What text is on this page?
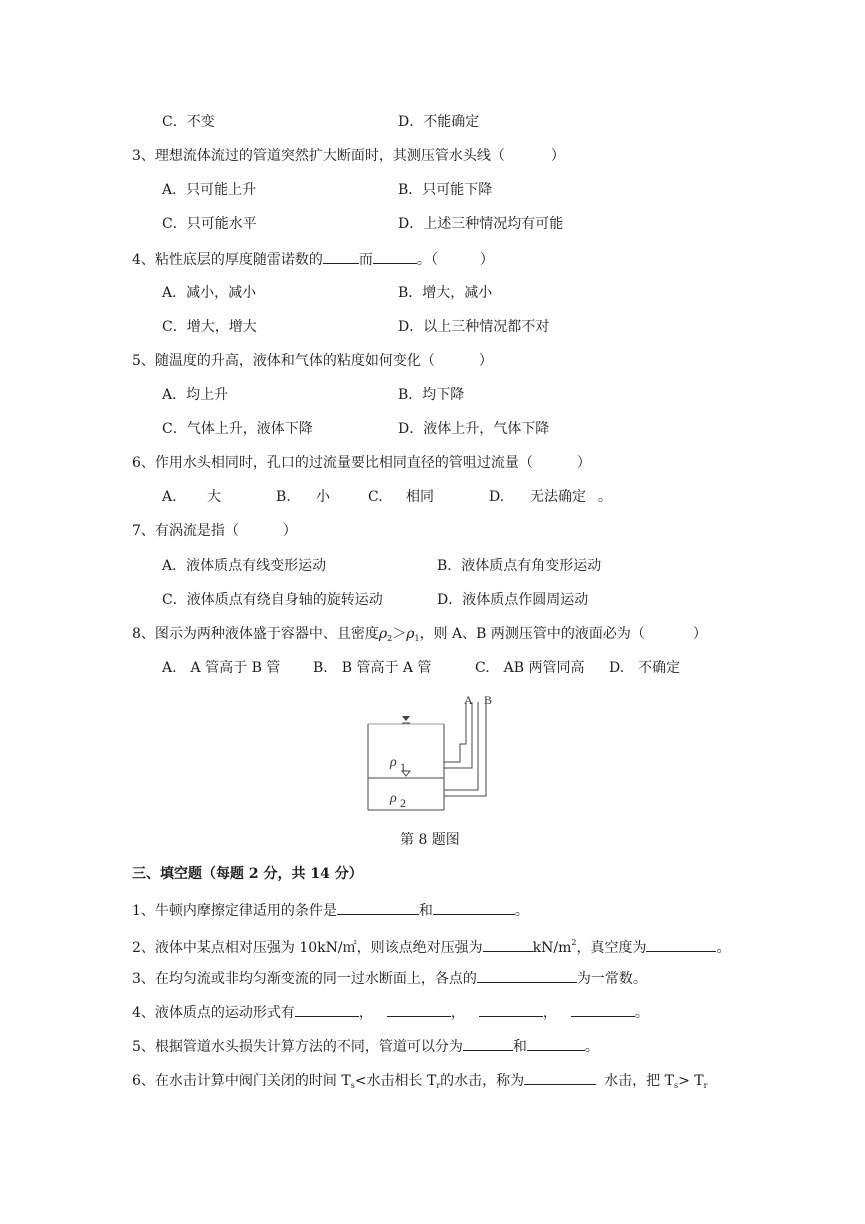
C．不变	D．不能确定
3、理想流体流过的管道突然扩大断面时，其测压管水头线（	）
A．只可能上升	B．只可能下降
C．只可能水平	D．上述三种情况均有可能
4、粘性底层的厚度随雷诺数的	而	。（	）
A．减小，减小	B．增大，减小
C．增大，增大	D．以上三种情况都不对
5、随温度的升高，液体和气体的粘度如何变化（	）
A．均上升	B．均下降
C．气体上升，液体下降	D．液体上升，气体下降
6、作用水头相同时，孔口的过流量要比相同直径的管咀过流量（	）
A. 大	B. 小	C. 相同	D. 无法确定 。
7、有涡流是指（	）
A．液体质点有线变形运动	B．液体质点有角变形运动
C．液体质点有绕自身轴的旋转运动	D．液体质点作圆周运动
8、图示为两种液体盛于容器中、且密度$\rho_2>\rho_1$，则 A、B 两测压管中的液面必为（	）
A.　A 管高于 B 管 B.　B 管高于 A 管	C.　AB 两管同高 D.　不确定
A B
ρ 1
ρ 2
第 8 题图
三、填空题（每题 2 分，共 14 分）
1、牛顿内摩擦定律适用的条件是	和	。
2、液体中某点相对压强为 10kN/㎡，则该点绝对压强为	$kN/m^2$，真空度为	。
3、在均匀流或非均匀渐变流的同一过水断面上，各点的	为一常数。
4、液体质点的运动形式有	，	，	，	。
5、根据管道水头损失计算方法的不同，管道可以分为	和	。
6、在水击计算中阀门关闭的时间 $T_s<$水击相长 $T_r$的水击，称为	水击，把 $T_s> T_r$
